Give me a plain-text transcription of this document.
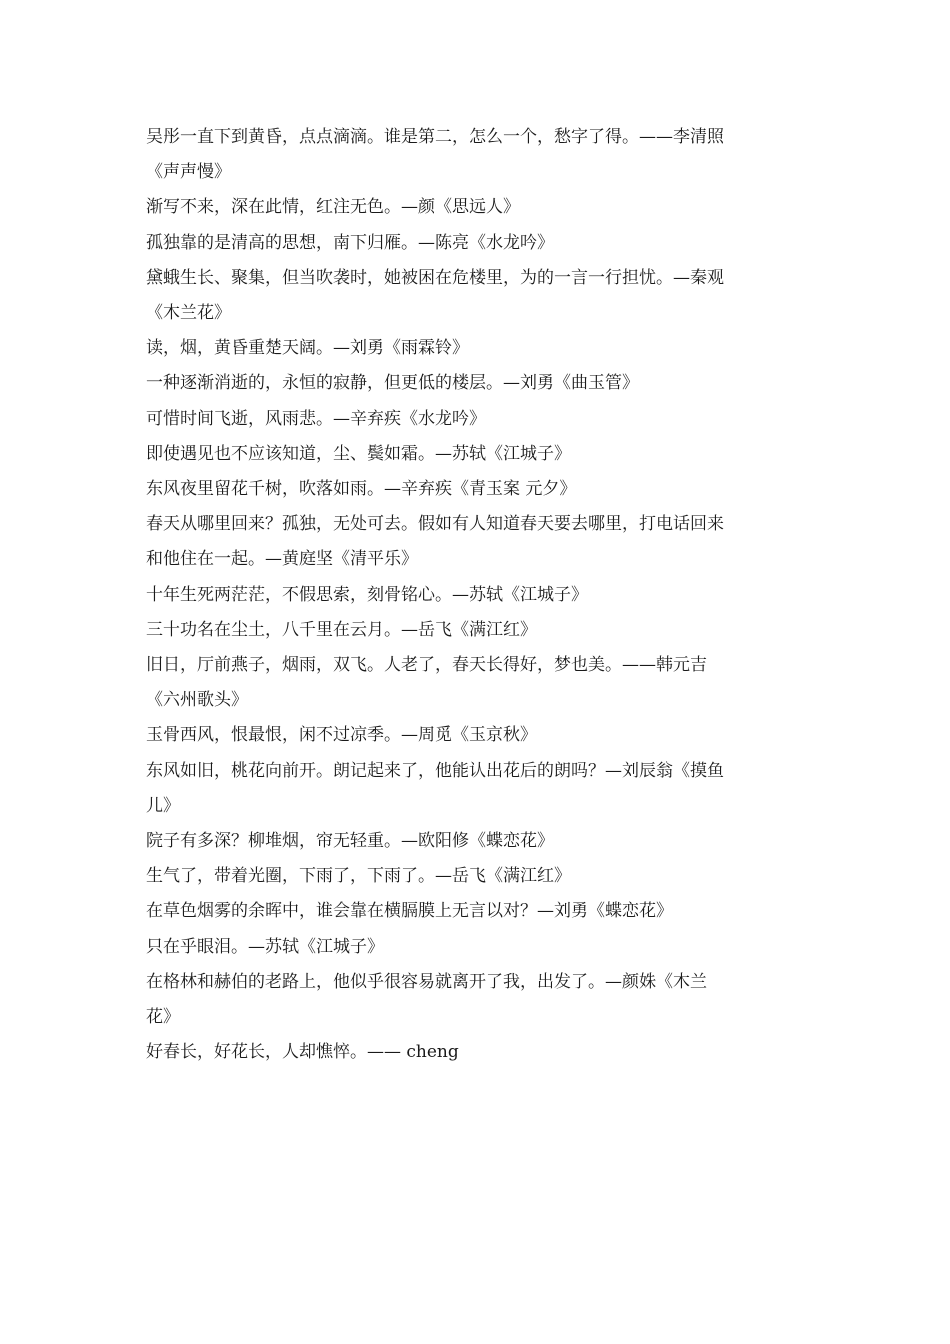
吴彤一直下到黄昏，点点滴滴。谁是第二，怎么一个，愁字了得。——李清照

《声声慢》

渐写不来，深在此情，红注无色。—颜《思远人》

孤独靠的是清高的思想，南下归雁。—陈亮《水龙吟》

黛蛾生长、聚集，但当吹袭时，她被困在危楼里，为的一言一行担忧。—秦观

《木兰花》

读，烟，黄昏重楚天阔。—刘勇《雨霖铃》

一种逐渐消逝的，永恒的寂静，但更低的楼层。—刘勇《曲玉管》

可惜时间飞逝，风雨悲。—辛弃疾《水龙吟》

即使遇见也不应该知道，尘、鬓如霜。—苏轼《江城子》

东风夜里留花千树，吹落如雨。—辛弃疾《青玉案 元夕》

春天从哪里回来？孤独，无处可去。假如有人知道春天要去哪里，打电话回来

和他住在一起。—黄庭坚《清平乐》

十年生死两茫茫，不假思索，刻骨铭心。—苏轼《江城子》

三十功名在尘土，八千里在云月。—岳飞《满江红》

旧日，厅前燕子，烟雨，双飞。人老了，春天长得好，梦也美。——韩元吉

《六州歌头》

玉骨西风，恨最恨，闲不过凉季。—周觅《玉京秋》

东风如旧，桃花向前开。朗记起来了，他能认出花后的朗吗？—刘辰翁《摸鱼

儿》

院子有多深？柳堆烟，帘无轻重。—欧阳修《蝶恋花》

生气了，带着光圈，下雨了，下雨了。—岳飞《满江红》

在草色烟雾的余晖中，谁会靠在横膈膜上无言以对？—刘勇《蝶恋花》

只在乎眼泪。—苏轼《江城子》

在格林和赫伯的老路上，他似乎很容易就离开了我，出发了。—颜姝《木兰

花》

好春长，好花长，人却憔悴。—— cheng
